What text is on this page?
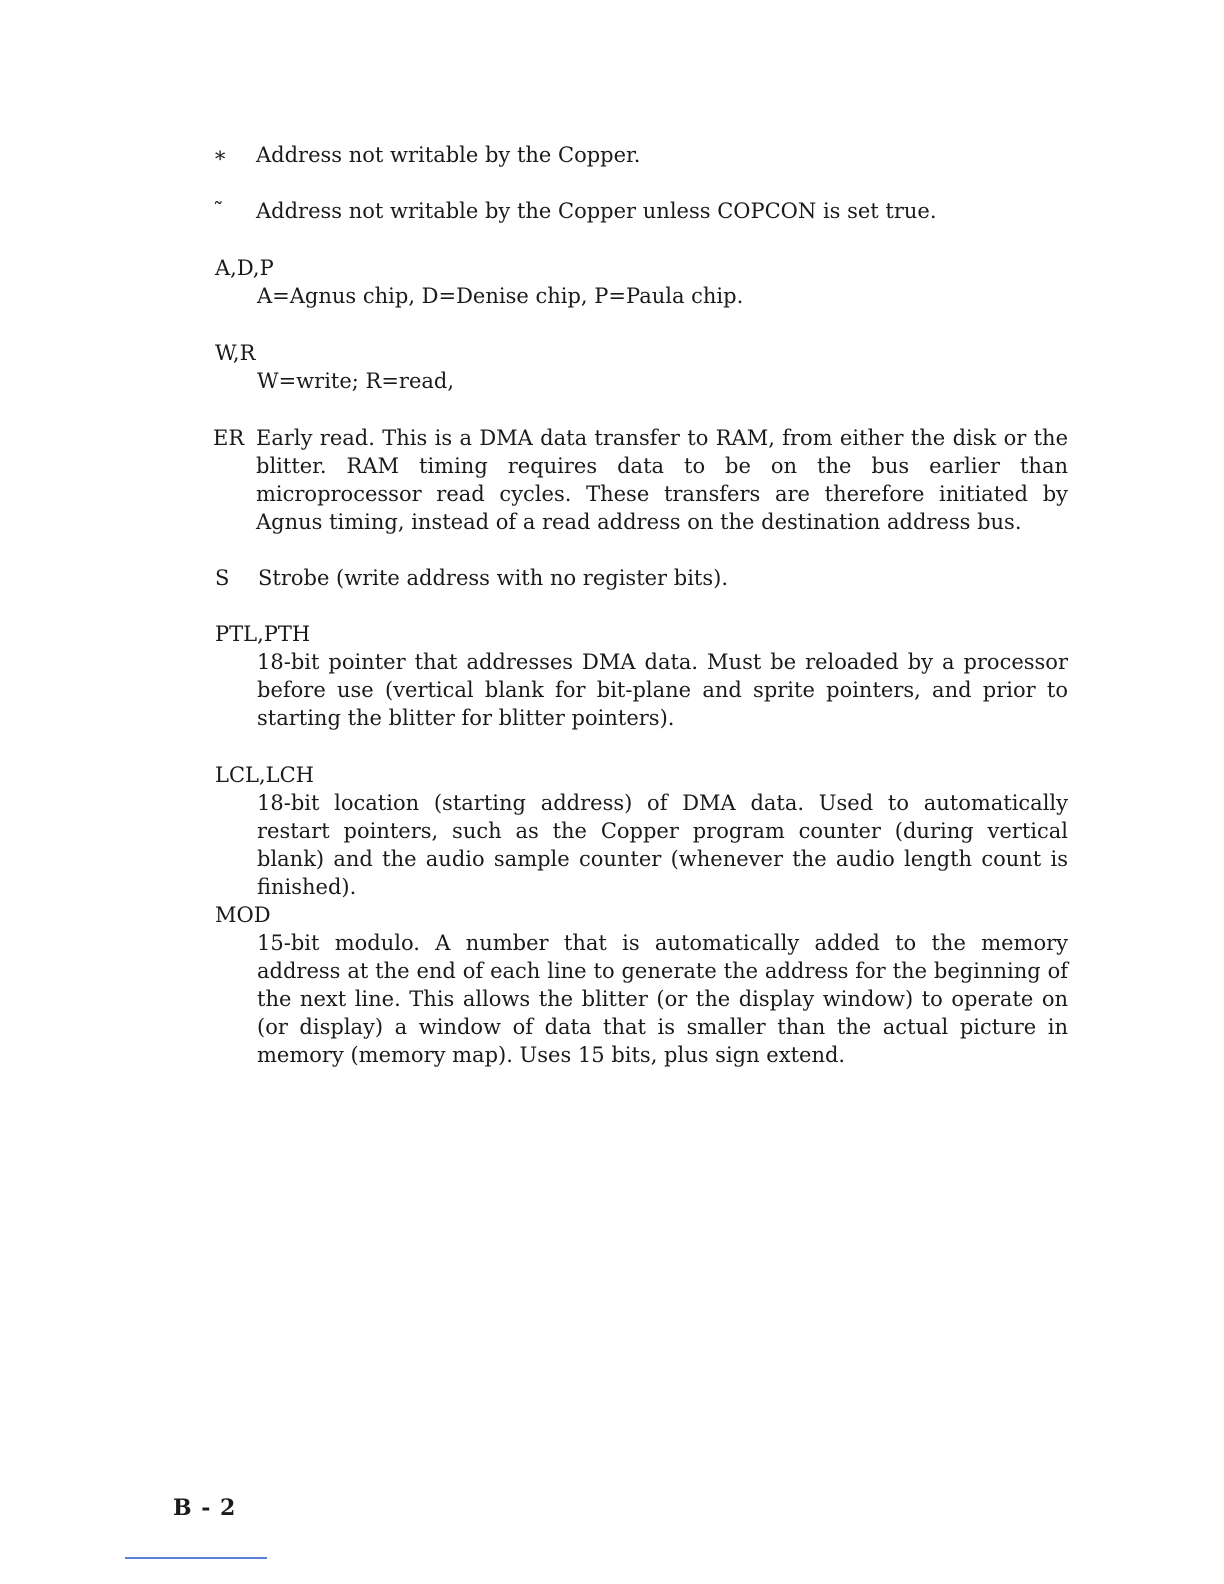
∗	Address not writable by the Copper.
˜	Address not writable by the Copper unless COPCON is set true.
A,D,P
A=Agnus chip, D=Denise chip, P=Paula chip.
W,R
W=write; R=read,
ER Early read. This is a DMA data transfer to RAM, from either the disk or the blitter. RAM timing requires data to be on the bus earlier than microprocessor read cycles. These transfers are therefore initiated by Agnus timing, instead of a read address on the destination address bus.
S	Strobe (write address with no register bits).
PTL,PTH
18-bit pointer that addresses DMA data. Must be reloaded by a processor before use (vertical blank for bit-plane and sprite pointers, and prior to starting the blitter for blitter pointers).
LCL,LCH
18-bit location (starting address) of DMA data. Used to automatically restart pointers, such as the Copper program counter (during vertical blank) and the audio sample counter (whenever the audio length count is finished).
MOD
15-bit modulo. A number that is automatically added to the memory address at the end of each line to generate the address for the beginning of the next line. This allows the blitter (or the display window) to operate on (or display) a window of data that is smaller than the actual picture in memory (memory map). Uses 15 bits, plus sign extend.
B - 2
